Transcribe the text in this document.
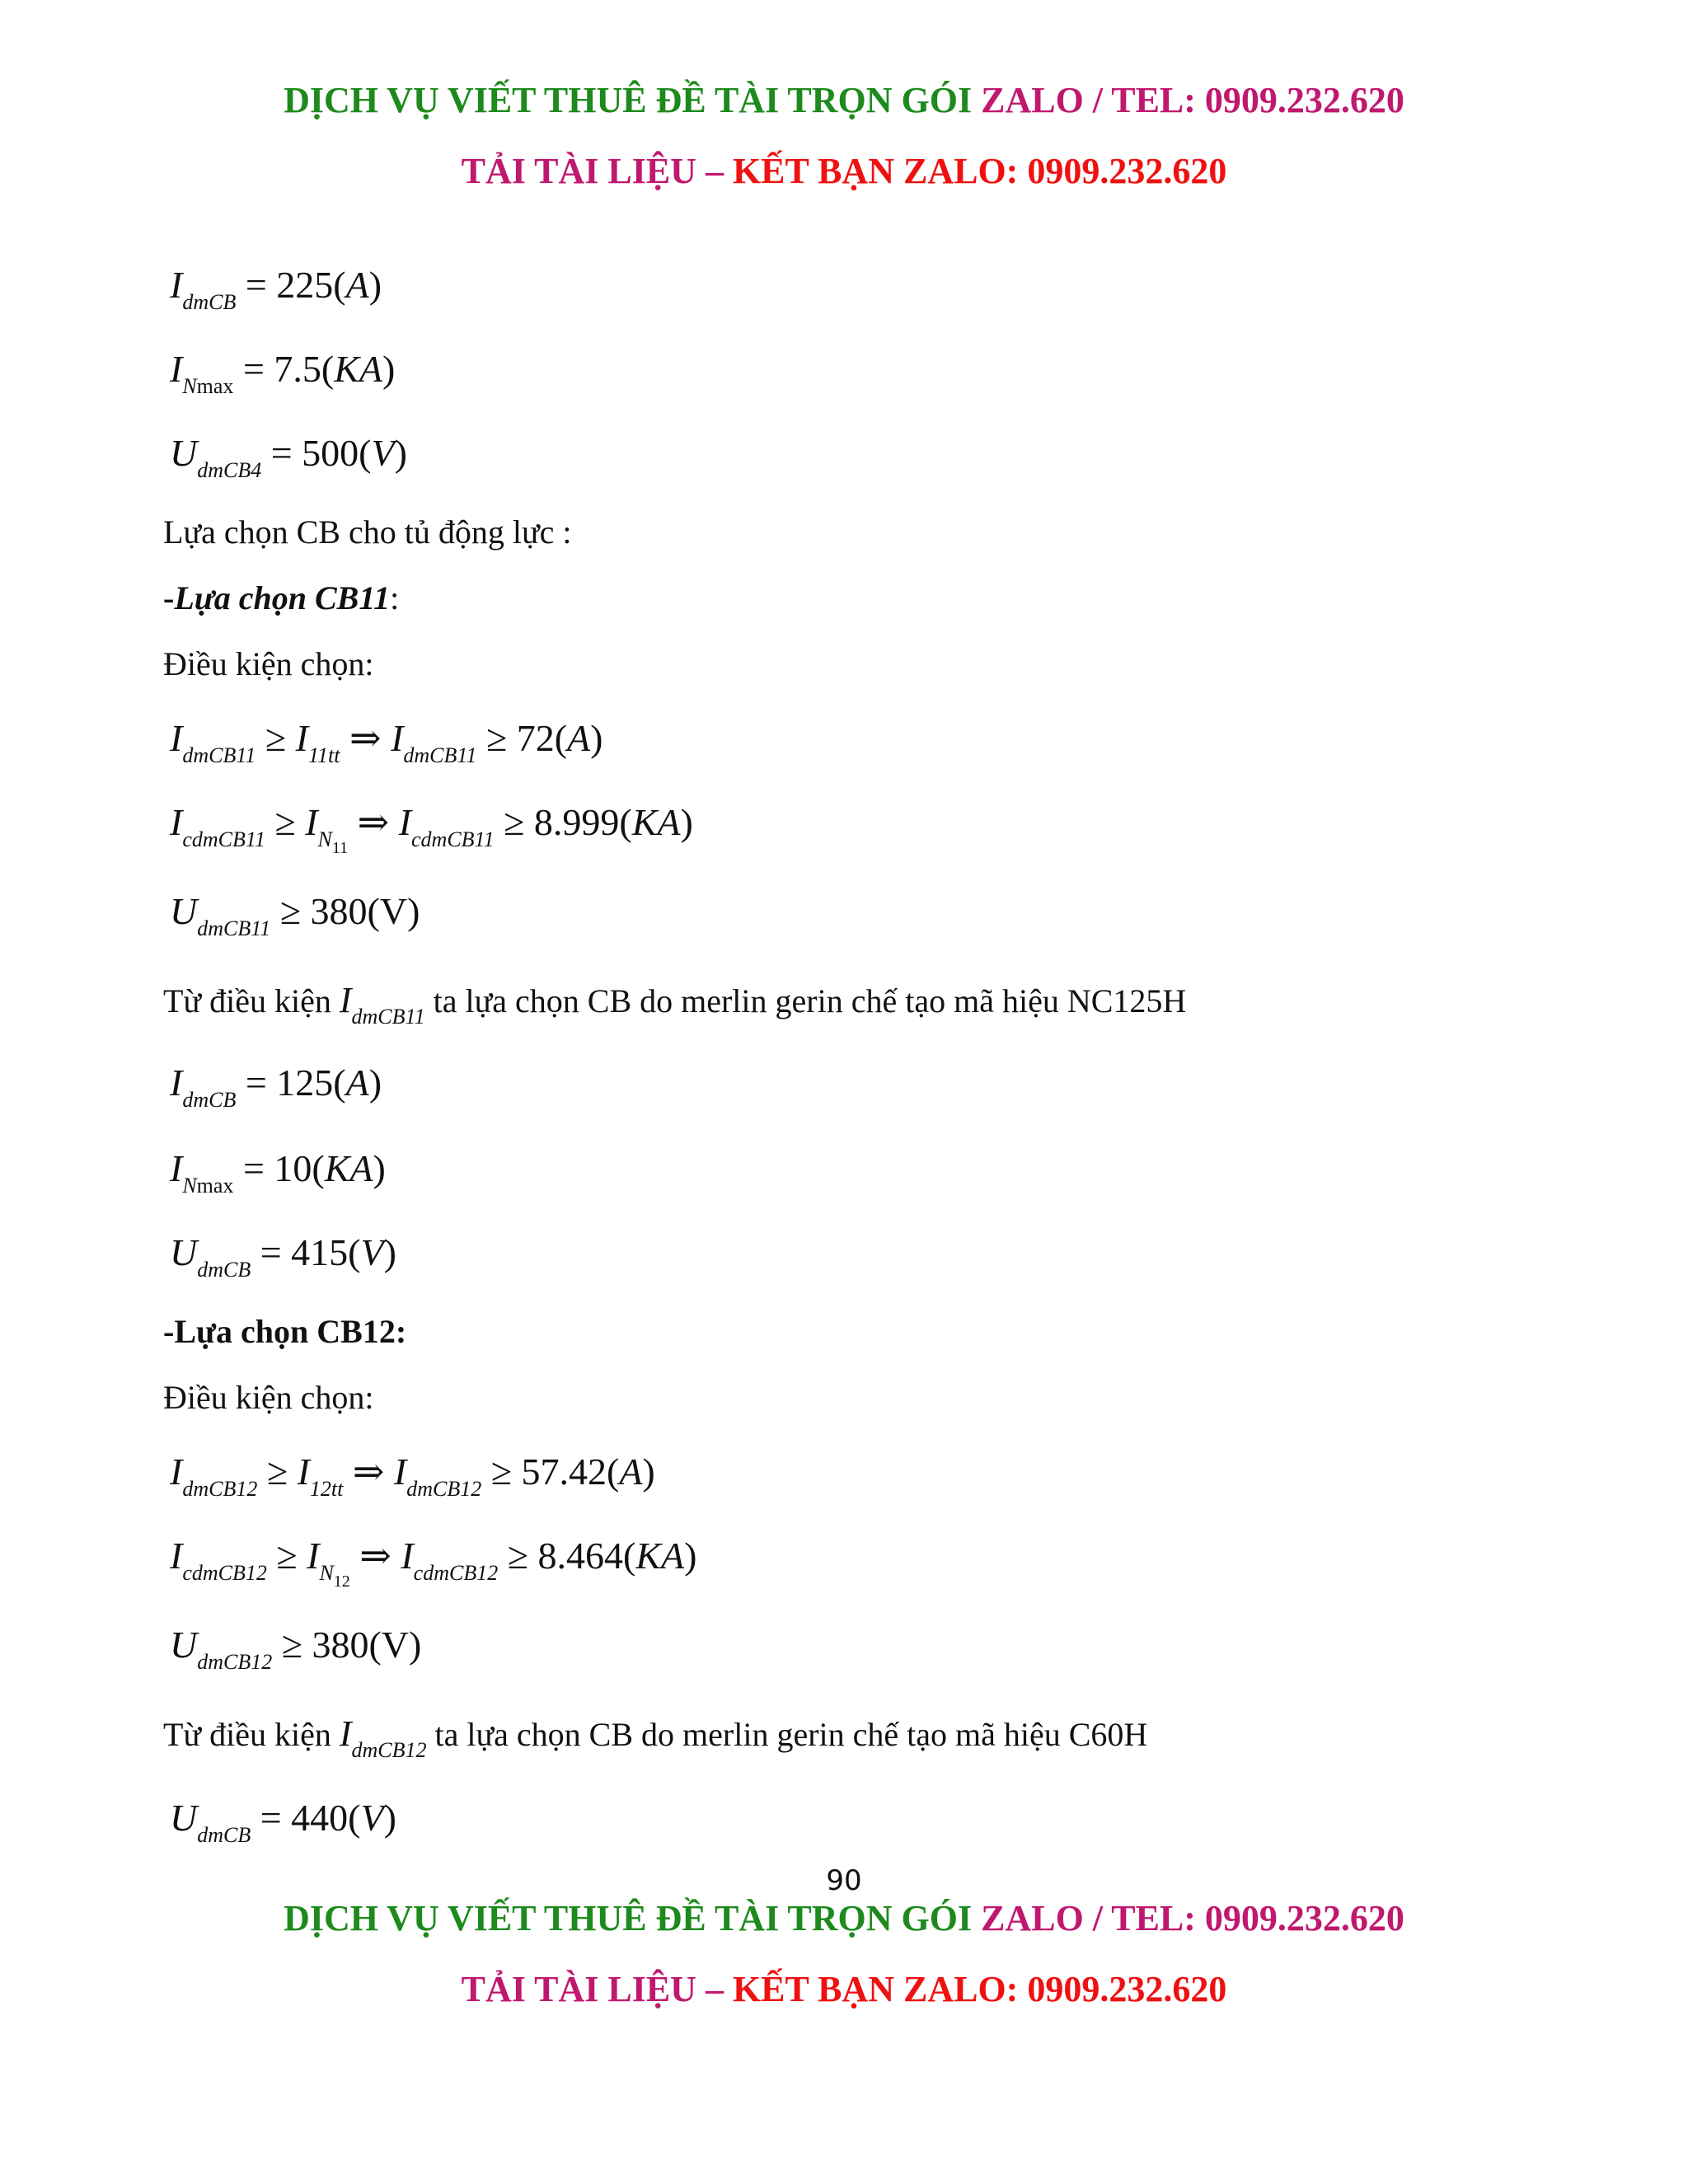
DỊCH VỤ VIẾT THUÊ ĐỀ TÀI TRỌN GÓI ZALO / TEL: 0909.232.620
TẢI TÀI LIỆU – KẾT BẠN ZALO: 0909.232.620
$I_{dmCB} = 225(A)$
$I_{Nmax} = 7.5(KA)$
$U_{dmCB4} = 500(V)$
Lựa chọn CB cho tủ động lực :
-Lựa chọn CB11:
Điều kiện chọn:
$I_{dmCB11} \ge I_{11tt}$ ⇒ $I_{dmCB11} \ge 72(A)$
$I_{cdmCB11} \ge I_{N_{11}}$ ⇒ $I_{cdmCB11} \ge 8.999(KA)$
$U_{dmCB11} \ge 380(V)$
Từ điều kiện $I_{dmCB11}$ ta lựa chọn CB do merlin gerin chế tạo mã hiệu NC125H
$I_{dmCB} = 125(A)$
$I_{Nmax} = 10(KA)$
$U_{dmCB} = 415(V)$
-Lựa chọn CB12:
Điều kiện chọn:
$I_{dmCB12} \ge I_{12tt}$ ⇒ $I_{dmCB12} \ge 57.42(A)$
$I_{cdmCB12} \ge I_{N_{12}}$ ⇒ $I_{cdmCB12} \ge 8.464(KA)$
$U_{dmCB12} \ge 380(V)$
Từ điều kiện $I_{dmCB12}$ ta lựa chọn CB do merlin gerin chế tạo mã hiệu C60H
$U_{dmCB} = 440(V)$
90
DỊCH VỤ VIẾT THUÊ ĐỀ TÀI TRỌN GÓI ZALO / TEL: 0909.232.620
TẢI TÀI LIỆU – KẾT BẠN ZALO: 0909.232.620
